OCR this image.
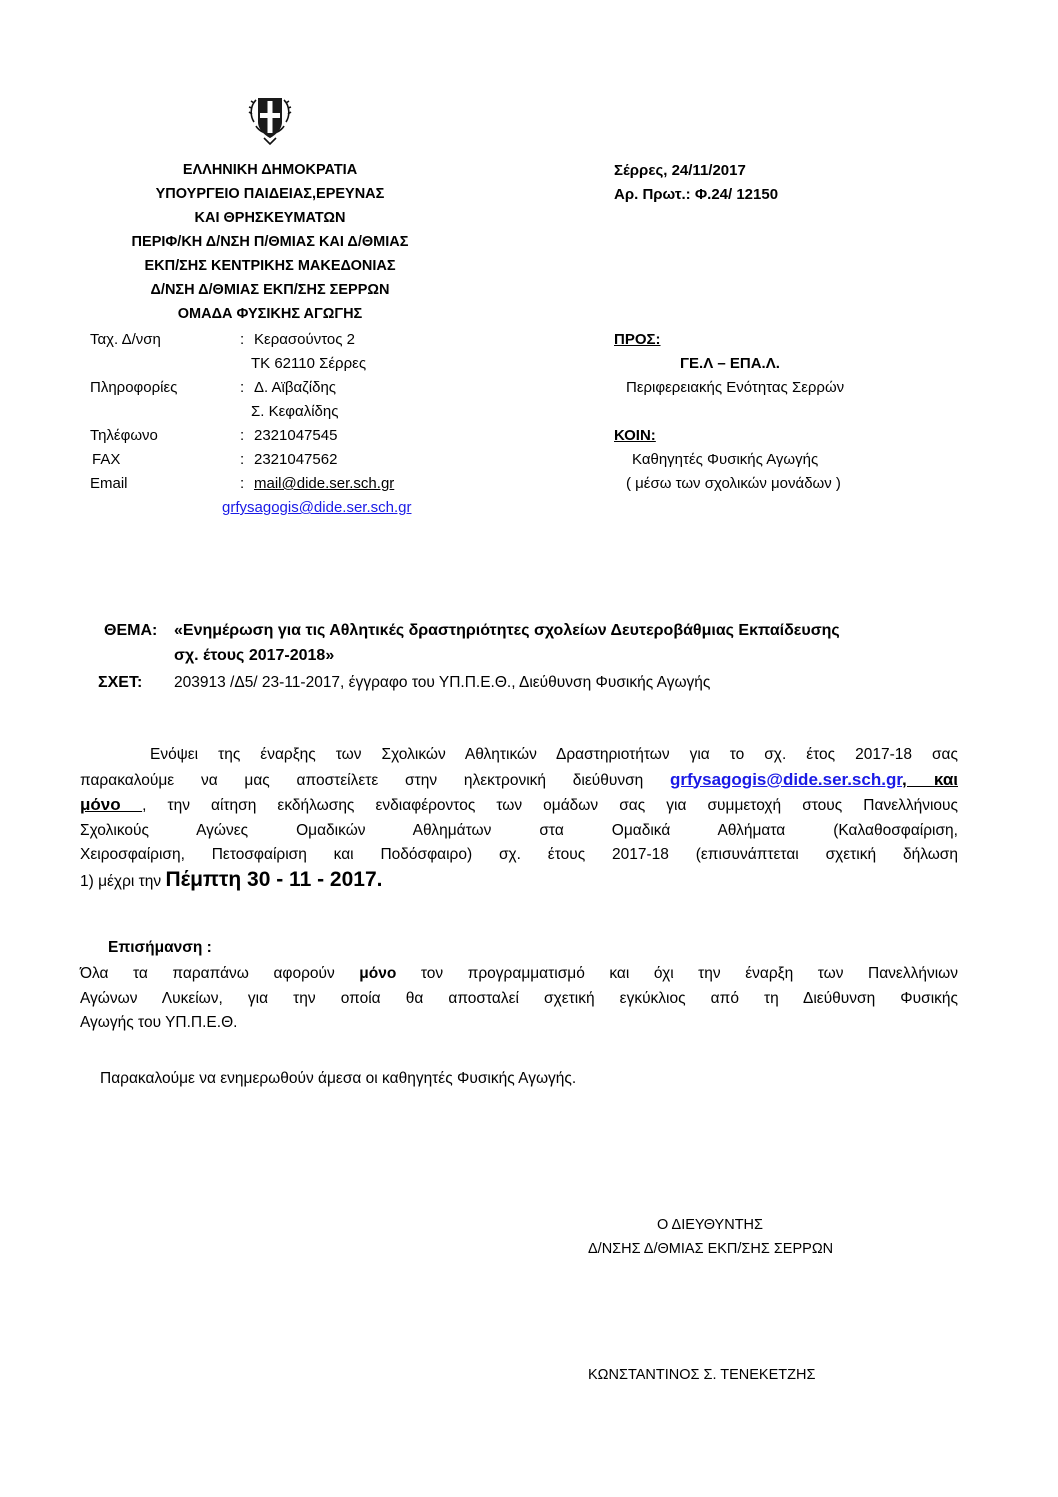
ΕΛΛΗΝΙΚΗ ΔΗΜΟΚΡΑΤΙΑ
ΥΠΟΥΡΓΕΙΟ ΠΑΙΔΕΙΑΣ,ΕΡΕΥΝΑΣ
ΚΑΙ ΘΡΗΣΚΕΥΜΑΤΩΝ
ΠΕΡΙΦ/ΚΗ Δ/ΝΣΗ Π/ΘΜΙΑΣ ΚΑΙ Δ/ΘΜΙΑΣ
ΕΚΠ/ΣΗΣ ΚΕΝΤΡΙΚΗΣ ΜΑΚΕΔΟΝΙΑΣ
Δ/ΝΣΗ Δ/ΘΜΙΑΣ ΕΚΠ/ΣΗΣ ΣΕΡΡΩΝ
ΟΜΑΔΑ ΦΥΣΙΚΗΣ ΑΓΩΓΗΣ
Σέρρες, 24/11/2017
Αρ. Πρωτ.: Φ.24/ 12150
Ταχ. Δ/νση	: Κερασούντος 2
ΤΚ 62110 Σέρρες
Πληροφορίες	: Δ. Αϊβαζίδης
Σ. Κεφαλίδης
Τηλέφωνο	: 2321047545
FAX	: 2321047562
Email	: mail@dide.ser.sch.gr
grfysagogis@dide.ser.sch.gr
ΠΡΟΣ:
ΓΕ.Λ – ΕΠΑ.Λ.
Περιφερειακής Ενότητας Σερρών
ΚΟΙΝ:
Καθηγητές Φυσικής Αγωγής
( μέσω των σχολικών μονάδων )
ΘΕΜΑ: «Ενημέρωση για τις Αθλητικές δραστηριότητες σχολείων Δευτεροβάθμιας Εκπαίδευσης
σχ. έτους 2017-2018»
ΣΧΕΤ: 203913 /Δ5/ 23-11-2017, έγγραφο του ΥΠ.Π.Ε.Θ., Διεύθυνση Φυσικής Αγωγής
Ενόψει της έναρξης των Σχολικών Αθλητικών Δραστηριοτήτων για το σχ. έτος 2017-18 σας
παρακαλούμε να μας αποστείλετε στην ηλεκτρονική διεύθυνση grfysagogis@dide.ser.sch.gr, και
μόνο , την αίτηση εκδήλωσης ενδιαφέροντος των ομάδων σας για συμμετοχή στους Πανελλήνιους
Σχολικούς Αγώνες Ομαδικών Αθλημάτων στα Ομαδικά Αθλήματα (Καλαθοσφαίριση,
Χειροσφαίριση, Πετοσφαίριση και Ποδόσφαιρο) σχ. έτους 2017-18 (επισυνάπτεται σχετική δήλωση
1) μέχρι την Πέμπτη 30 - 11 - 2017.
Επισήμανση :
Όλα τα παραπάνω αφορούν μόνο τον προγραμματισμό και όχι την έναρξη των Πανελλήνιων
Αγώνων Λυκείων, για την οποία θα αποσταλεί σχετική εγκύκλιος από τη Διεύθυνση Φυσικής
Αγωγής του ΥΠ.Π.Ε.Θ.
Παρακαλούμε να ενημερωθούν άμεσα οι καθηγητές Φυσικής Αγωγής.
Ο ΔΙΕΥΘΥΝΤΗΣ
Δ/ΝΣΗΣ Δ/ΘΜΙΑΣ ΕΚΠ/ΣΗΣ ΣΕΡΡΩΝ
ΚΩΝΣΤΑΝΤΙΝΟΣ Σ. ΤΕΝΕΚΕΤΖΗΣ
